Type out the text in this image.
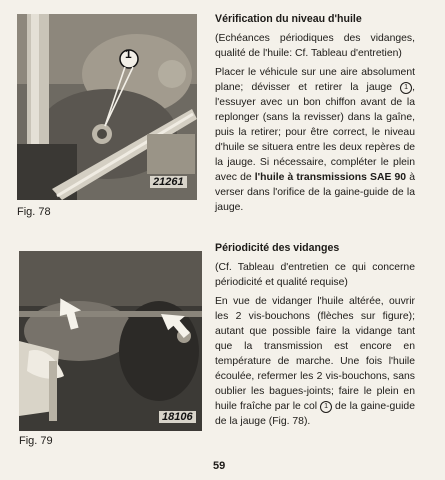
1
21261
Fig. 78
Vérification du niveau d'huile

(Echéances périodiques des vidanges, qualité de l'huile: Cf. Tableau d'entretien)

Placer le véhicule sur une aire absolument plane; dévisser et retirer la jauge 1 , l'essuyer avec un bon chiffon avant de la replonger (sans la revisser) dans la gaîne, puis la retirer; pour être correct, le niveau d'huile se situera entre les deux repères de la jauge. Si nécessaire, compléter le plein avec de l'huile à transmissions SAE 90 à verser dans l'orifice de la gaine-guide de la jauge.

18106
Fig. 79
Périodicité des vidanges

(Cf. Tableau d'entretien ce qui concerne périodicité et qualité requise)

En vue de vidanger l'huile altérée, ouvrir les 2 vis-bouchons (flèches sur figure); autant que possible faire la vidange tant que la transmission est encore en température de marche. Une fois l'huile écoulée, refermer les 2 vis-bouchons, sans oublier les bagues-joints; faire le plein en huile fraîche par le col 1 de la gaine-guide de la jauge (Fig. 78).

59
